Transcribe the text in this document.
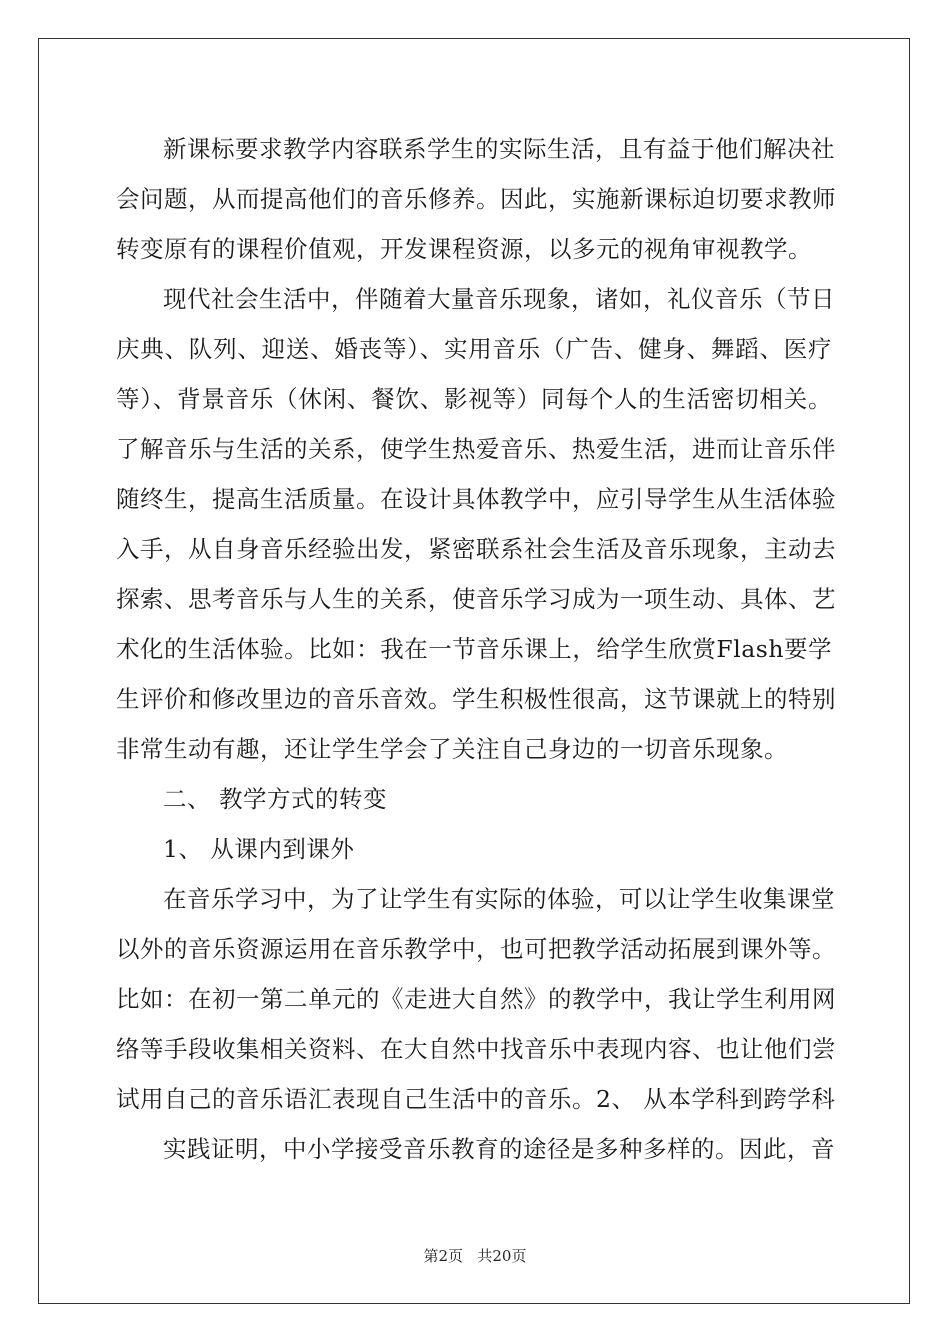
新课标要求教学内容联系学生的实际生活，且有益于他们解决社
会问题，从而提高他们的音乐修养。因此，实施新课标迫切要求教师
转变原有的课程价值观，开发课程资源，以多元的视角审视教学。
现代社会生活中，伴随着大量音乐现象，诸如，礼仪音乐（节日
庆典、队列、迎送、婚丧等）、实用音乐（广告、健身、舞蹈、医疗
等）、背景音乐（休闲、餐饮、影视等）同每个人的生活密切相关。
了解音乐与生活的关系，使学生热爱音乐、热爱生活，进而让音乐伴
随终生，提高生活质量。在设计具体教学中，应引导学生从生活体验
入手，从自身音乐经验出发，紧密联系社会生活及音乐现象，主动去
探索、思考音乐与人生的关系，使音乐学习成为一项生动、具体、艺
术化的生活体验。比如：我在一节音乐课上，给学生欣赏Flash要学
生评价和修改里边的音乐音效。学生积极性很高，这节课就上的特别
非常生动有趣，还让学生学会了关注自己身边的一切音乐现象。
二、 教学方式的转变
1、 从课内到课外
在音乐学习中，为了让学生有实际的体验，可以让学生收集课堂
以外的音乐资源运用在音乐教学中，也可把教学活动拓展到课外等。
比如：在初一第二单元的《走进大自然》的教学中，我让学生利用网
络等手段收集相关资料、在大自然中找音乐中表现内容、也让他们尝
试用自己的音乐语汇表现自己生活中的音乐。2、 从本学科到跨学科
实践证明，中小学接受音乐教育的途径是多种多样的。因此，音
第2页 共20页
